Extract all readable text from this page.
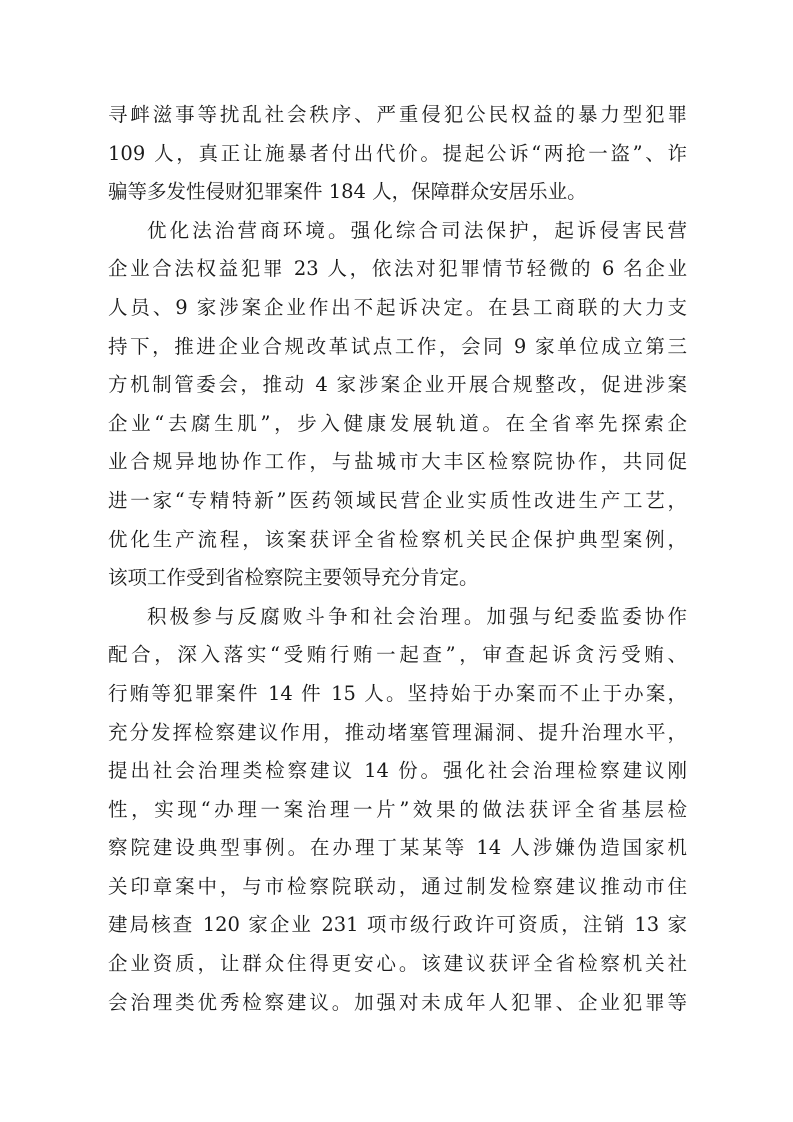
寻衅滋事等扰乱社会秩序、严重侵犯公民权益的暴力型犯罪
109 人，真正让施暴者付出代价。提起公诉“两抢一盗”、诈
骗等多发性侵财犯罪案件 184 人，保障群众安居乐业。
优化法治营商环境。强化综合司法保护，起诉侵害民营
企业合法权益犯罪 23 人，依法对犯罪情节轻微的 6 名企业
人员、9 家涉案企业作出不起诉决定。在县工商联的大力支
持下，推进企业合规改革试点工作，会同 9 家单位成立第三
方机制管委会，推动 4 家涉案企业开展合规整改，促进涉案
企业“去腐生肌”，步入健康发展轨道。在全省率先探索企
业合规异地协作工作，与盐城市大丰区检察院协作，共同促
进一家“专精特新”医药领域民营企业实质性改进生产工艺，
优化生产流程，该案获评全省检察机关民企保护典型案例，
该项工作受到省检察院主要领导充分肯定。
积极参与反腐败斗争和社会治理。加强与纪委监委协作
配合，深入落实“受贿行贿一起查”，审查起诉贪污受贿、
行贿等犯罪案件 14 件 15 人。坚持始于办案而不止于办案，
充分发挥检察建议作用，推动堵塞管理漏洞、提升治理水平，
提出社会治理类检察建议 14 份。强化社会治理检察建议刚
性，实现“办理一案治理一片”效果的做法获评全省基层检
察院建设典型事例。在办理丁某某等 14 人涉嫌伪造国家机
关印章案中，与市检察院联动，通过制发检察建议推动市住
建局核查 120 家企业 231 项市级行政许可资质，注销 13 家
企业资质，让群众住得更安心。该建议获评全省检察机关社
会治理类优秀检察建议。加强对未成年人犯罪、企业犯罪等
